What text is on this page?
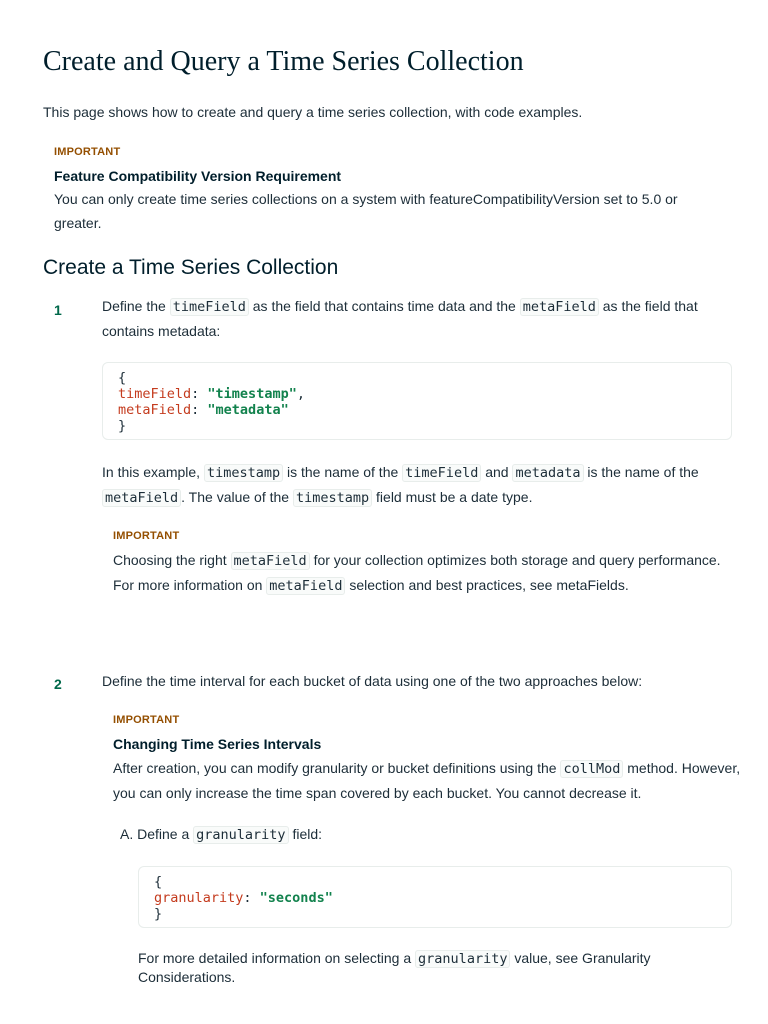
Create and Query a Time Series Collection

This page shows how to create and query a time series collection, with code examples.

IMPORTANT
Feature Compatibility Version Requirement

You can only create time series collections on a system with featureCompatibilityVersion set to 5.0 or greater.

Create a Time Series Collection
1	Define the timeField as the field that contains time data and the metaField as the field that contains metadata:

{
timeField: "timestamp",
metaField: "metadata"
}

In this example, timestamp is the name of the timeField and metadata is the name of the metaField . The value of the timestamp field must be a date type.

IMPORTANT

Choosing the right metaField for your collection optimizes both storage and query performance. For more information on metaField selection and best practices, see metaFields.

2	Define the time interval for each bucket of data using one of the two approaches below:

IMPORTANT
Changing Time Series Intervals

After creation, you can modify granularity or bucket definitions using the collMod method. However, you can only increase the time span covered by each bucket. You cannot decrease it.

A. Define a granularity field:

{
granularity: "seconds"
}

For more detailed information on selecting a granularity value, see Granularity Considerations.
